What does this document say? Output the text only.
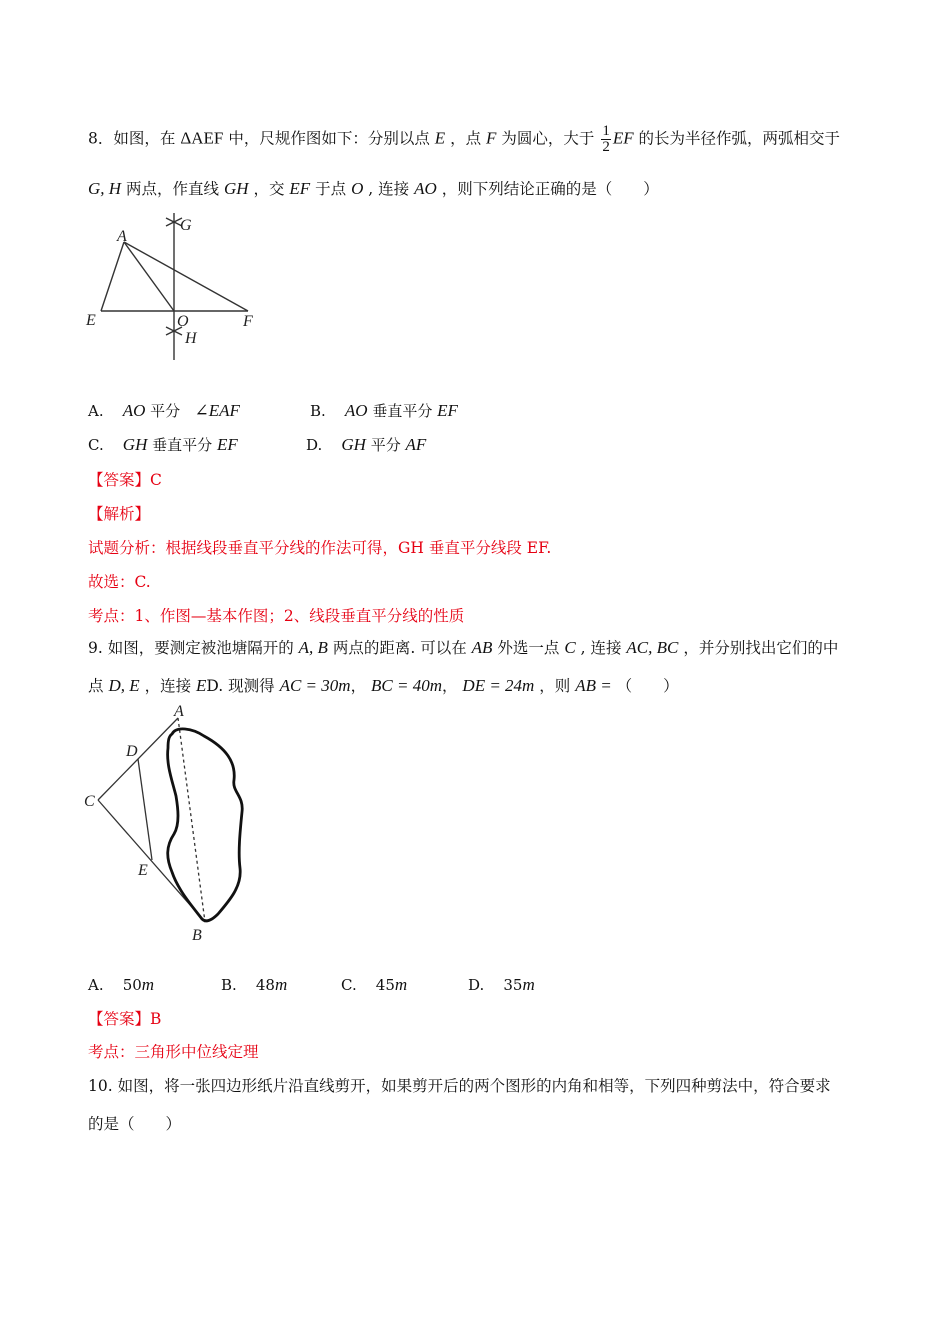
8．如图，在 ΔAEF 中，尺规作图如下：分别以点 E ，点 F 为圆心，大于 $\frac{1}{2}$ EF 的长为半径作弧，两弧相交于
G, H 两点，作直线 GH ，交 EF 于点 O , 连接 AO ，则下列结论正确的是（　　）
A
G
E	O	F
H
A. AO 平分 ∠EAF	B. AO 垂直平分 EF
C. GH 垂直平分 EF	D. GH 平分 AF
【答案】C
【解析】
试题分析：根据线段垂直平分线的作法可得，GH 垂直平分线段 EF.
故选：C.
考点：1、作图—基本作图；2、线段垂直平分线的性质
9. 如图，要测定被池塘隔开的 A, B 两点的距离. 可以在 AB 外选一点 C , 连接 AC, BC ，并分别找出它们的中
点 D, E ，连接 ED. 现测得 AC = 30m， BC = 40m， DE = 24m ，则 AB = （　　）
A
D
C
E
B
A. 50m	B. 48m	C. 45m	D. 35m
【答案】B
考点：三角形中位线定理
10. 如图，将一张四边形纸片沿直线剪开，如果剪开后的两个图形的内角和相等，下列四种剪法中，符合要求
的是（　　）
